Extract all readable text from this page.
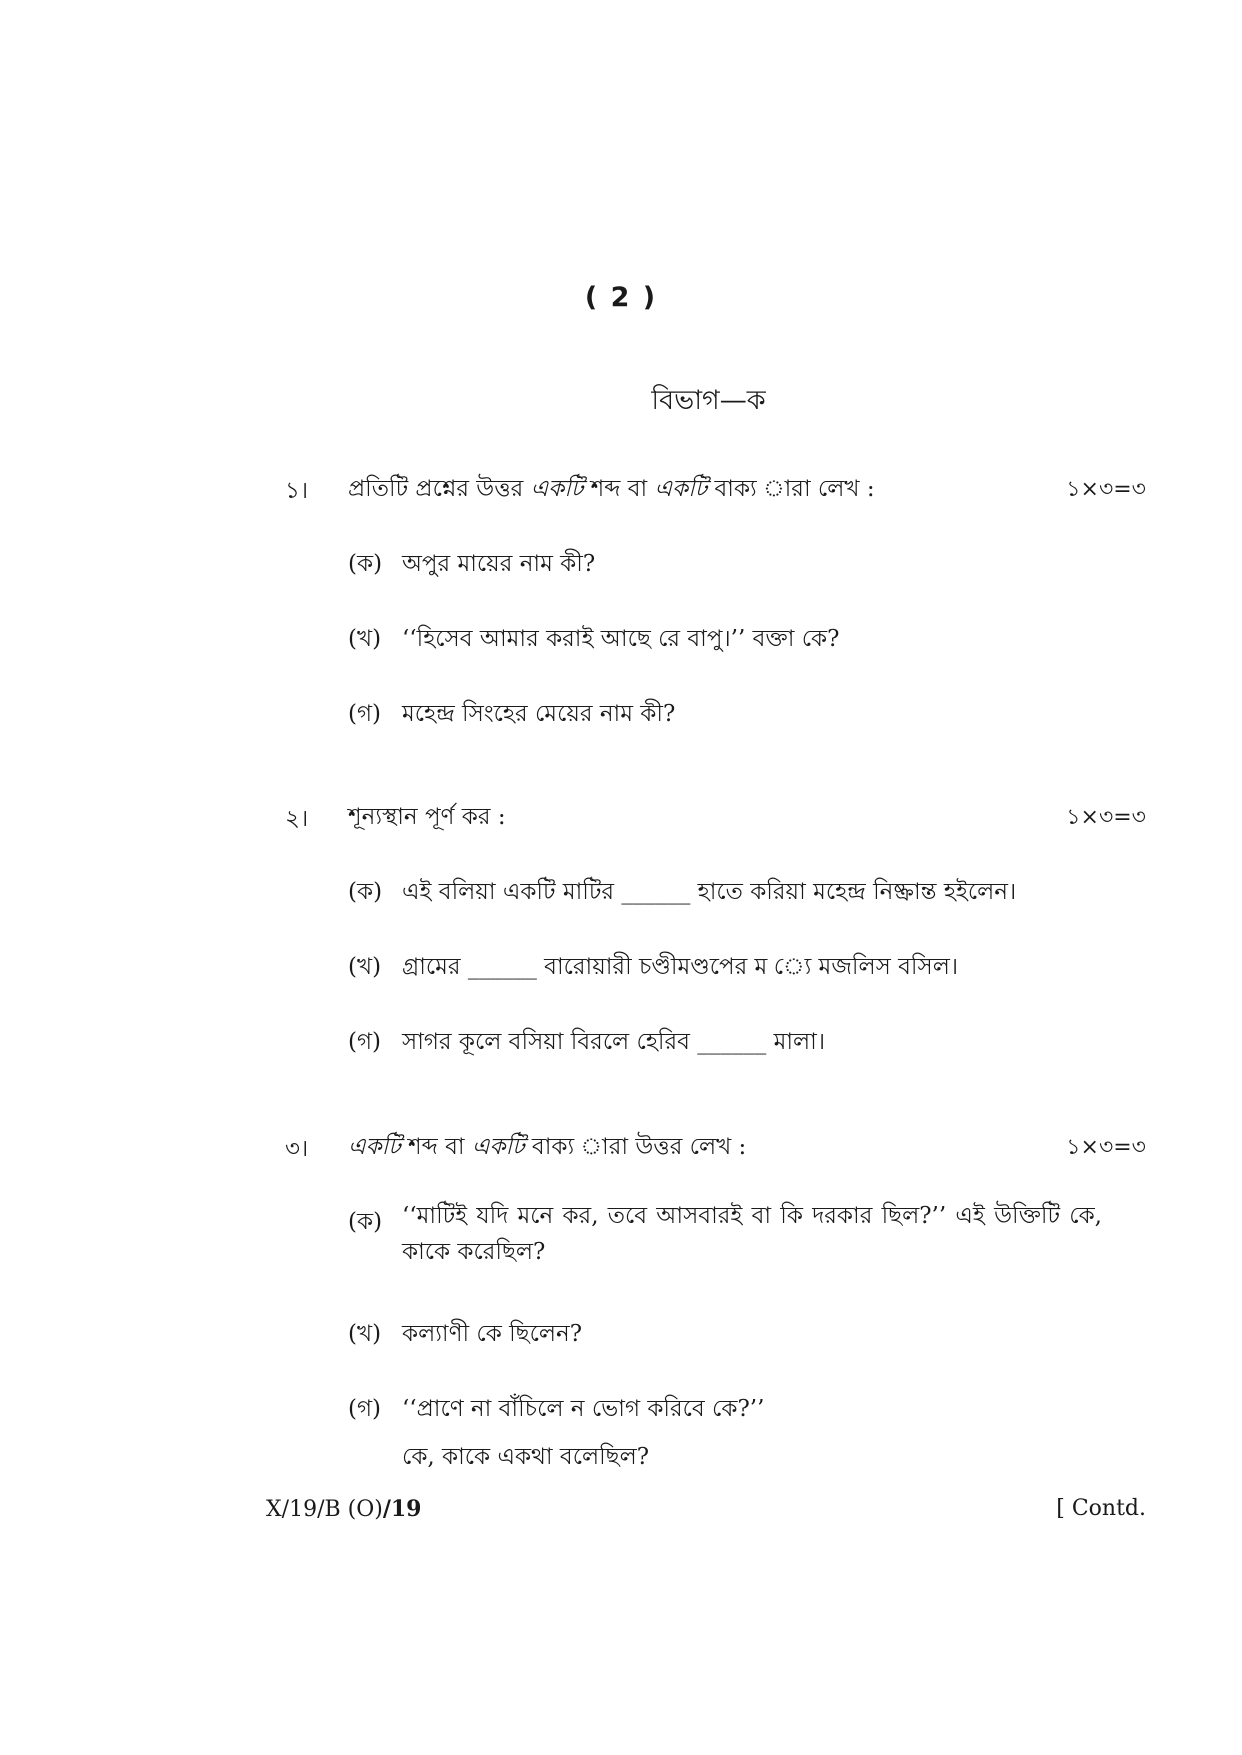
( 2 )
বিভাগ—ক
১। প্রতিটি প্রশ্নের উত্তর একটি শব্দ বা একটি বাক্য ারা লেখ :	১×৩=৩
(ক) অপুর মায়ের নাম কী?
(খ) ‘‘হিসেব আমার করাই আছে রে বাপু।’’ বক্তা কে?
(গ) মহেন্দ্র সিংহের মেয়ের নাম কী?
২। শূন্যস্থান পূর্ণ কর :	১×৩=৩
(ক) এই বলিয়া একটি মাটির ______ হাতে করিয়া মহেন্দ্র নিষ্ক্রান্ত হইলেন।
(খ) গ্রামের ______ বারোয়ারী চণ্ডীমণ্ডপের ম ্যে মজলিস বসিল।
(গ) সাগর কূলে বসিয়া বিরলে হেরিব ______ মালা।
৩। একটি শব্দ বা একটি বাক্য ারা উত্তর লেখ :	১×৩=৩
(ক) ‘‘মাটিই যদি মনে কর, তবে আসবারই বা কি দরকার ছিল?’’ এই উক্তিটি কে, কাকে করেছিল?
(খ) কল্যাণী কে ছিলেন?
(গ) ‘‘প্রাণে না বাঁচিলে ন ভোগ করিবে কে?’’
কে, কাকে একথা বলেছিল?
X/19/B (O)/19	[ Contd.
